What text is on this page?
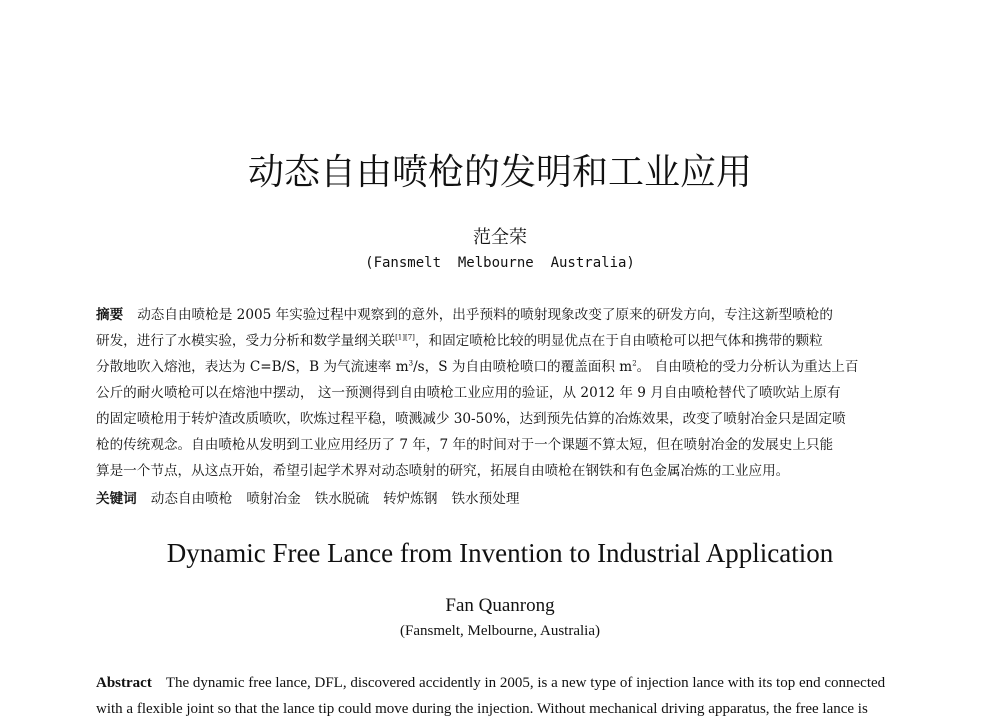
动态自由喷枪的发明和工业应用
范全荣
(Fansmelt  Melbourne  Australia)
摘要 动态自由喷枪是 2005 年实验过程中观察到的意外，出乎预料的喷射现象改变了原来的研发方向，专注这新型喷枪的
研发，进行了水模实验，受力分析和数学量纲关联[1][7]，和固定喷枪比较的明显优点在于自由喷枪可以把气体和携带的颗粒
分散地吹入熔池，表达为 C=B/S，B 为气流速率 $m^3/s$，S 为自由喷枪喷口的覆盖面积 $m^2$。 自由喷枪的受力分析认为重达上百
公斤的耐火喷枪可以在熔池中摆动， 这一预测得到自由喷枪工业应用的验证，从 2012 年 9 月自由喷枪替代了喷吹站上原有
的固定喷枪用于转炉渣改质喷吹，吹炼过程平稳，喷溅减少 30-50%，达到预先估算的冶炼效果，改变了喷射冶金只是固定喷
枪的传统观念。自由喷枪从发明到工业应用经历了 7 年，7 年的时间对于一个课题不算太短，但在喷射冶金的发展史上只能
算是一个节点，从这点开始，希望引起学术界对动态喷射的研究，拓展自由喷枪在钢铁和有色金属冶炼的工业应用。
关键词 动态自由喷枪 喷射冶金 铁水脱硫 转炉炼钢 铁水预处理
Dynamic Free Lance from Invention to Industrial Application
Fan Quanrong
(Fansmelt, Melbourne, Australia)
Abstract The dynamic free lance, DFL, discovered accidently in 2005, is a new type of injection lance with its top end connected
with a flexible joint so that the lance tip could move during the injection. Without mechanical driving apparatus, the free lance is
